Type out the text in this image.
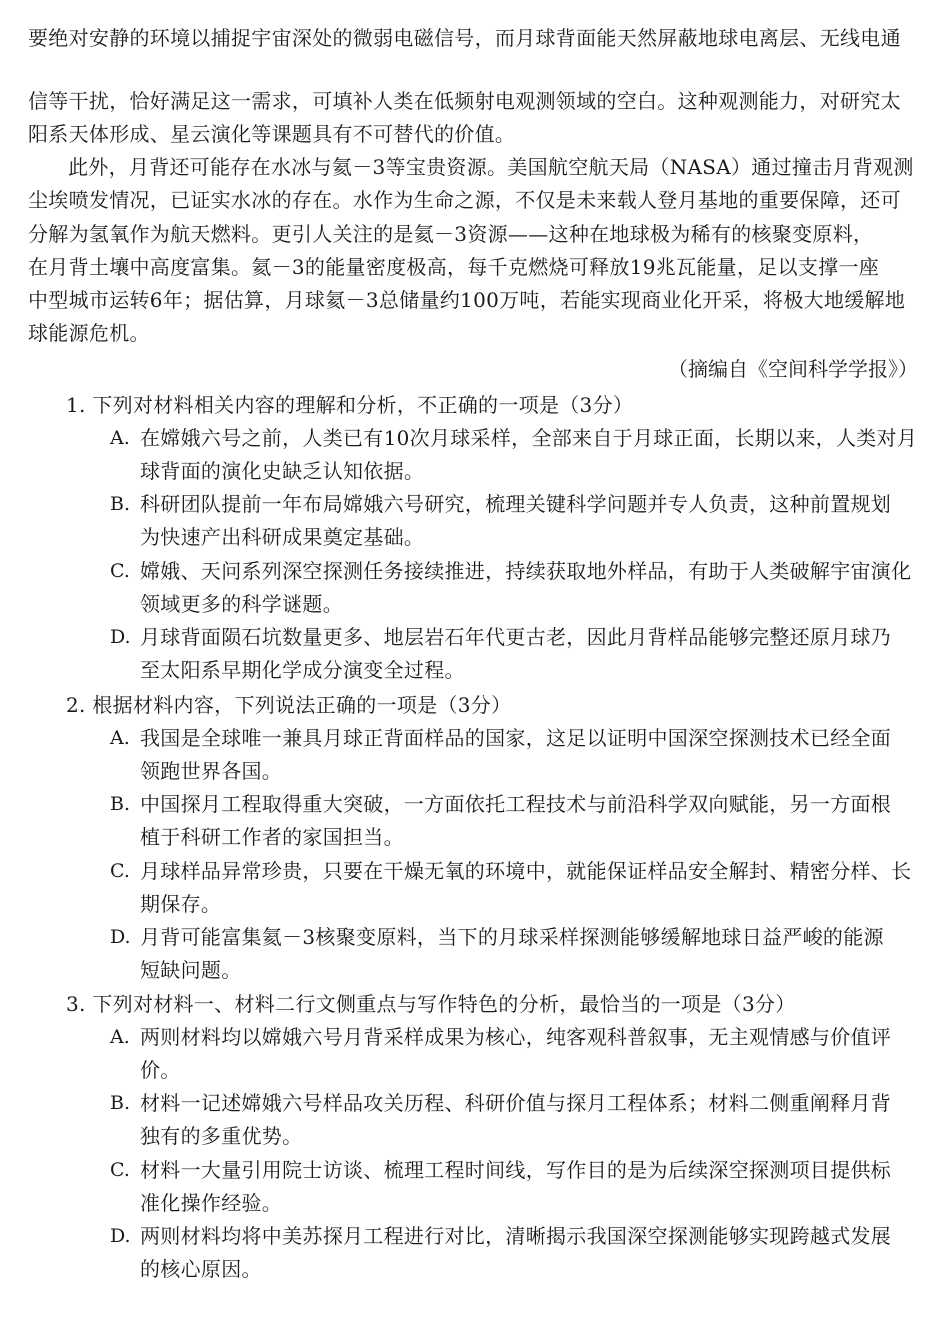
要绝对安静的环境以捕捉宇宙深处的微弱电磁信号，而月球背面能天然屏蔽地球电离层、无线电通
信等干扰，恰好满足这一需求，可填补人类在低频射电观测领域的空白。这种观测能力，对研究太
阳系天体形成、星云演化等课题具有不可替代的价值。
此外，月背还可能存在水冰与氦－3等宝贵资源。美国航空航天局（NASA）通过撞击月背观测
尘埃喷发情况，已证实水冰的存在。水作为生命之源，不仅是未来载人登月基地的重要保障，还可
分解为氢氧作为航天燃料。更引人关注的是氦－3资源——这种在地球极为稀有的核聚变原料，
在月背土壤中高度富集。氦－3的能量密度极高，每千克燃烧可释放19兆瓦能量，足以支撑一座
中型城市运转6年；据估算，月球氦－3总储量约100万吨，若能实现商业化开采，将极大地缓解地
球能源危机。
（摘编自《空间科学学报》）
1. 下列对材料相关内容的理解和分析，不正确的一项是（3分）
A. 在嫦娥六号之前，人类已有10次月球采样，全部来自于月球正面，长期以来，人类对月
球背面的演化史缺乏认知依据。
B. 科研团队提前一年布局嫦娥六号研究，梳理关键科学问题并专人负责，这种前置规划
为快速产出科研成果奠定基础。
C. 嫦娥、天问系列深空探测任务接续推进，持续获取地外样品，有助于人类破解宇宙演化
领域更多的科学谜题。
D. 月球背面陨石坑数量更多、地层岩石年代更古老，因此月背样品能够完整还原月球乃
至太阳系早期化学成分演变全过程。
2. 根据材料内容，下列说法正确的一项是（3分）
A. 我国是全球唯一兼具月球正背面样品的国家，这足以证明中国深空探测技术已经全面
领跑世界各国。
B. 中国探月工程取得重大突破，一方面依托工程技术与前沿科学双向赋能，另一方面根
植于科研工作者的家国担当。
C. 月球样品异常珍贵，只要在干燥无氧的环境中，就能保证样品安全解封、精密分样、长
期保存。
D. 月背可能富集氦－3核聚变原料，当下的月球采样探测能够缓解地球日益严峻的能源
短缺问题。
3. 下列对材料一、材料二行文侧重点与写作特色的分析，最恰当的一项是（3分）
A. 两则材料均以嫦娥六号月背采样成果为核心，纯客观科普叙事，无主观情感与价值评
价。
B. 材料一记述嫦娥六号样品攻关历程、科研价值与探月工程体系；材料二侧重阐释月背
独有的多重优势。
C. 材料一大量引用院士访谈、梳理工程时间线，写作目的是为后续深空探测项目提供标
准化操作经验。
D. 两则材料均将中美苏探月工程进行对比，清晰揭示我国深空探测能够实现跨越式发展
的核心原因。
